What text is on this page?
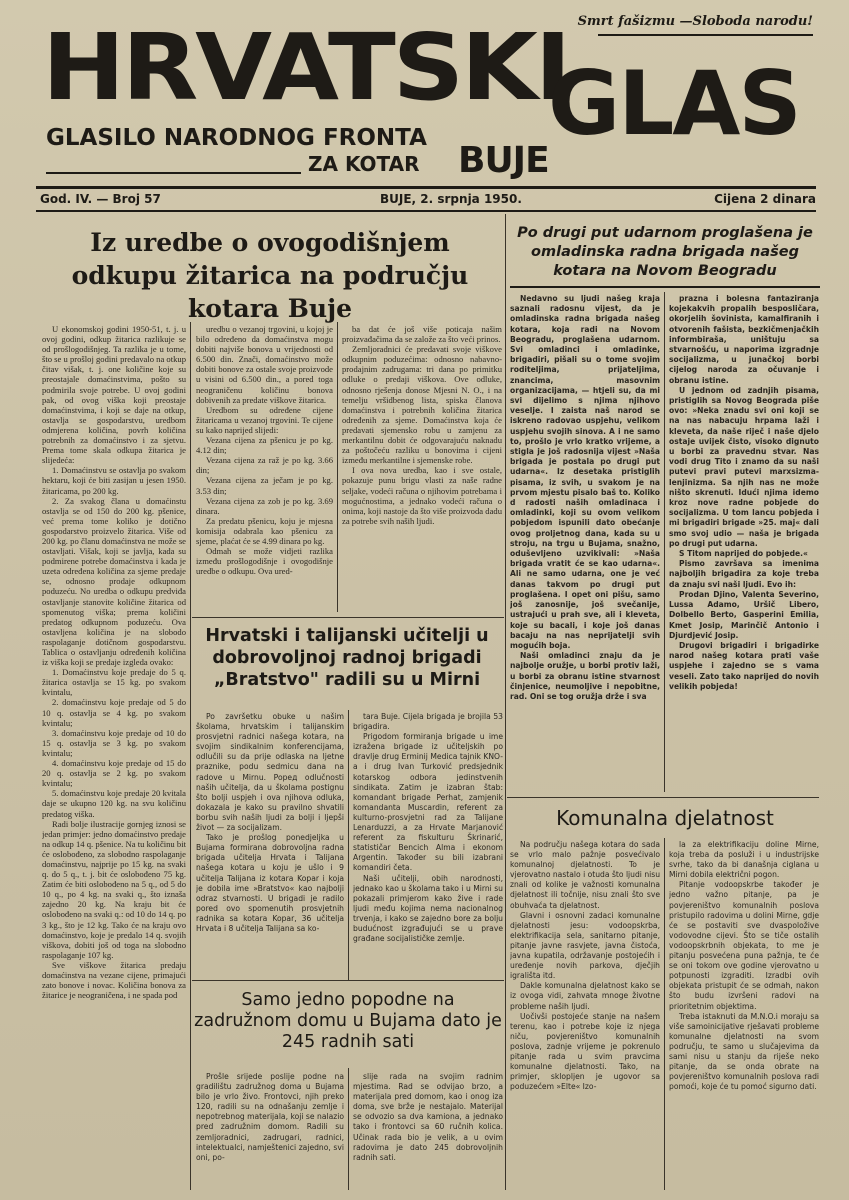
Smrt fašizmu —Sloboda narodu!
HRVATSKI
GLAS
GLASILO NARODNOG FRONTA
ZA KOTAR BUJE
God. IV. — Broj 57	BUJE, 2. srpnja 1950.	Cijena 2 dinara
Iz uredbe o ovogodišnjem odkupu žitarica na području kotara Buje

U ekonomskoj godini 1950-51, t. j. u ovoj godini, odkup žitarica razlikuje se od prošlogodišnjeg. Ta razlika je u tome, što se u prošloj godini predavalo na otkup čitav višak, t. j. one količine koje su preostajale domaćinstvima, pošto su podmirila svoje potrebe. U ovoj godini pak, od ovog viška koji preostaje domaćinstvima, i koji se daje na otkup, ostavlja se gospodarstvu, uredbom odmjerena količina, povrh količina potrebnih za domaćinstvo i za sjetvu. Prema tome skala odkupa žitarica je slijedeća:

1. Domaćinstvu se ostavlja po svakom hektaru, koji će biti zasijan u jesen 1950. žitaricama, po 200 kg.

2. Za svakog člana u domaćinstu ostavlja se od 150 do 200 kg. pšenice, već prema tome koliko je dotično gospodarstvo proizvelo žitarica. Više od 200 kg. po članu domaćinstva ne može se ostavljati. Višak, koji se javlja, kada su podmirene potrebe domaćinstva i kada je uzeta određena količina za sjeme predaje se, odnosno prodaje odkupnom poduzeću. No uredba o odkupu predviđa ostavljanje stanovite količine žitarica od spomenutog viška; prema količini predatog odkupnom poduzeću. Ova ostavljena količina je na slobodo raspolaganje dotičnom gospodarstvu. Tablica o ostavljanju određenih količina iz viška koji se predaje izgleda ovako:

1. Domaćinstvu koje predaje do 5 q. žitarica ostavlja se 15 kg. po svakom kvintalu,

2. domaćinstvu koje predaje od 5 do 10 q. ostavlja se 4 kg. po svakom kvintalu;

3. domaćinstvu koje predaje od 10 do 15 q. ostavlja se 3 kg. po svakom kvintalu;

4. domaćinstvu koje predaje od 15 do 20 q. ostavlja se 2 kg. po svakom kvintalu;

5. domaćinstvu koje predaje 20 kvitala daje se ukupno 120 kg. na svu količinu predatog viška.

Radi bolje ilustracije gornjeg iznosi se jedan primjer: jedno domaćinstvo predaje na odkup 14 q. pšenice. Na tu količinu bit će oslobođeno, za slobodno raspolaganje domaćinstvu, najprije po 15 kg. na svaki q. do 5 q., t. j. bit će oslobođeno 75 kg. Zatim će biti oslobođeno na 5 q., od 5 do 10 q., po 4 kg. na svaki q., što iznaša zajedno 20 kg. Na kraju bit će oslobođeno na svaki q.: od 10 do 14 q. po 3 kg., što je 12 kg. Tako će na kraju ovo domaćinstvo, koje je predalo 14 q. svojih viškova, dobiti još od toga na slobodno raspolaganje 107 kg.

Sve viškove žitarica predaju domaćinstva na vezane cijene, primajući zato bonove i novac. Količina bonova za žitarice je neograničena, i ne spada pod

uredbu o vezanoj trgovini, u kojoj je bilo određeno da domaćinstva mogu dobiti najviše bonova u vrijednosti od 6.500 din. Znači, domaćinstvo može dobiti bonove za ostale svoje proizvode u visini od 6.500 din., a pored toga neograničenu količinu bonova dobivenih za predate viškove žitarica.

Uredbom su određene cijene žitaricama u vezanoj trgovini. Te cijene su kako naprijed slijedi:

Vezana cijena za pšenicu je po kg. 4.12 din;

Vezana cijena za raž je po kg. 3.66 din;

Vezana cijena za ječam je po kg. 3.53 din;

Vezana cijena za zob je po kg. 3.69 dinara.

Za predatu pšenicu, koju je mjesna komisija odabrala kao pšenicu za sjeme, plaćat će se 4.99 dinara po kg.

Odmah se može vidjeti razlika između prošlogodišnje i ovogodišnje uredbe o odkupu. Ova ured-

ba dat će još više poticaja našim proizvađačima da se založe za što veći prinos.

Zemljoradnici će predavati svoje viškove odkupnim poduzećima: odnosno nabavno-prodajnim zadrugama: tri dana po primitku odluke o predaji viškova. Ove odluke, odnosno rješenja donose Mjesni N. O., i na temelju vršidbenog lista, spiska članova domaćinstva i potrebnih količina žitarica određenih za sjeme. Domaćinstva koja će predavati sjemensko robu u zamjenu za merkantilnu dobit će odgovarajuću naknadu za poštočeću razliku u bonovima i cijeni između merkantilne i sjemenske robe.

I ova nova uredba, kao i sve ostale, pokazuje punu brigu vlasti za naše radne seljake, vodeći računa o njihovim potrebama i mogućnostima, a jednako vodeći računa o onima, koji nastoje da što više proizvoda dadu za potrebe svih naših ljudi.

Po drugi put udarnom proglašena je omladinska radna brigada našeg kotara na Novom Beogradu

Nedavno su ljudi našeg kraja saznali radosnu vijest, da je omladinska radna brigada našeg kotara, koja radi na Novom Beogradu, proglašena udarnom. Svi omladinci i omladinke, brigadiri, pišali su o tome svojim roditeljima, prijateljima, znancima, masovnim organizacijama, — htjeli su, da mi svi dijelimo s njima njihovo veselje. I zaista naš narod se iskreno radovao uspjehu, velikom uspjehu svojih sinova. A i ne samo to, prošlo je vrlo kratko vrijeme, a stigla je još radosnija vijest »Naša brigada je postala po drugi put udarna«. Iz desetaka pristiglih pisama, iz svih, u svakom je na prvom mjestu pisalo baš to. Koliko d radosti naših omladinaca i omladinki, koji su ovom velikom pobjedom ispunili dato obećanje ovog proljetnog dana, kada su u stroju, na trgu u Bujama, snažno, oduševljeno uzvikivali: »Naša brigada vratit će se kao udarna«. Ali ne samo udarna, one je već danas takvom po drugi put proglašena. I opet oni pišu, samo još zanosnije, još svečanije, ustrajući u prah sve, ali i kleveta, koje su bacali, i koje još danas bacaju na nas neprijatelji svih mogućih boja.

Naši omladinci znaju da je najbolje oružje, u borbi protiv laži, u borbi za obranu istine stvarnost činjenice, neumoljive i nepobitne, rad. Oni se tog oružja drže i sva

prazna i bolesna fantaziranja kojekakvih propalih besposličara, okorjelih šovinista, kamalfiranih i otvorenih fašista, bezkičmenjačkih informbiraša, uništuju sa stvarnošću, u naporima izgradnje socijalizma, u junačkoj borbi cijelog naroda za očuvanje i obranu istine.

U jednom od zadnjih pisama, pristiglih sa Novog Beograda piše ovo: »Neka znadu svi oni koji se na nas nabacuju hrpama laži i klevetа, da naše riječ i naše djelo ostaje uvijek čisto, visoko dignuto u borbi za pravednu stvar. Nas vodi drug Tito i znamo da su naši putevi pravi putevi marxsizma-lenjinizma. Sa njih nas ne može ništo skrenuti. Idući njima idemo kroz nove radne pobjede do socijalizma. U tom lancu pobjeda i mi brigadiri brigade »25. maj« dali smo svoj udio — naša je brigada po drugi put udarna.

S Titom naprijed do pobjede.«

Pismo završava sa imenima najboljih brigadira za koje treba da znaju svi naši ljudi. Evo ih:

Prodan Djino, Valenta Severino, Lussa Adamo, Uršič Libero, Dolbello Berto, Gasperini Emilia, Kmet Josip, Marinčič Antonio i Djurdjević Josip.

Drugovi brigadiri i brigadirke narod našeg kotara prati vaše uspjehe i zajedno se s vama veseli. Zato tako naprijed do novih velikih pobjeda!

Hrvatski i talijanski učitelji u dobrovoljnoj radnoj brigadi „Bratstvo" radili su u Mirni

Po završetku obuke u našim školama, hrvatskim i talijanskim prosvjetni radnici našega kotara, na svojim sindikalnim konferencijama, odlučili su da prije odlaska na ljetne praznike, podu sedmicu dana na radove u Mirnu. Poред odlučnosti naših učitelja, da u školama postignu što bolji uspjeh i ova njihova odluka, dokazala je kako su pravilno shvatili borbu svih naših ljudi za bolji i ljepši život — za socijalizam.

Tako je prošlog ponedjeljka u Bujama formirana dobrovoljna radna brigada učitelja Hrvata i Talijana našega kotara u koju je ušlo i 9 učitelja Talijana iz kotara Kopar i koja je dobila ime »Bratstvo« kao najbolji odraz stvarnosti. U brigadi je radilo pored ovo spomenutih prosvjetnih radnika sa kotara Kopar, 36 učitelja Hrvata i 8 učitelja Talijana sa ko-

tara Buje. Cijela brigada je brojila 53 brigadira.

Prigodom formiranja brigade u ime izražena brigade iz učiteljskih po dravlje drug Erminij Medica tajnik KNO-a i drug Ivan Turković predsjednik kotarskog odbora jedinstvenih sindikata. Zatim je izabran štab: komandant brigade Perhat, zamjenik komandanta Muscardin, referent za kulturno-prosvjetni rad za Talijane Lenarduzzi, a za Hrvate Marjanović referent za fiskulturu Škrinarić, statističar Bencich Alma i ekonom Argentin. Također su bili izabrani komandiri četa.

Naši učitelji, obih narodnosti, jednako kao u školama tako i u Mirni su pokazali primjerom kako žive i rade ljudi među kojima nema nacionalnog trvenja, i kako se zajedno bore za bolju budućnost izgrađujući se u prave građane socijalističke zemlje.

Samo jedno popodne na zadružnom domu u Bujama dato je 245 radnih sati

Prošle srijede poslije podne na gradilištu zadružnog doma u Bujama bilo je vrlo živo. Frontovci, njih preko 120, radili su na odnašanju zemlje i nepotrebnog materijala, koji se nalazio pred zadružnim domom. Radili su zemljoradnici, zadrugari, radnici, intelektualci, namještenici zajedno, svi onі, po-

slije rada na svojim radnim mjestima. Rad se odvijao brzo, a materijala pred domom, kao i onog iza doma, sve brže je nestajalo. Materijal se odvozio sa dva kamiona, a jednako tako i frontovci sa 60 ručnih kolica. Učinak rada bio je velik, a u ovim radovima je dato 245 dobrovoljnih radnih sati.

Komunalna djelatnost

Na području našega kotara do sada se vrlo malo pažnje posvećivalo komunalnoj djelatnosti. To je vjerovatno nastalo i otuda što ljudi nisu znali od kolike je važnosti komunalna djelatnost ili točnije, nisu znali što sve obuhvaća ta djelatnost.

Glavni i osnovni zadaci komunalne djelatnosti jesu: vodoopskrba, elektrifikacija sela, sanitarno pitanje, pitanje javne rasvjete, javna čistoća, javna kupatila, održavanje postojećih i uređenje novih parkova, dječjih igrališta itd.

Dakle komunalna djelatnost kako se iz ovoga vidi, zahvata mnoge životne probleme naših ljudi.

Uočivši postojeće stanje na našem terenu, kao i potrebe koje iz njega niču, povjereništvo komunalnih poslova, zadnje vrijeme je pokrenulo pitanje rada u svim pravcima komunalne djelatnosti. Tako, na primjer, sklopljen je ugovor sa poduzećem »Elte« Izo-

la za elektrifikaciju doline Mirne, koja treba da posluži i u industrijske svrhe, tako da bi današnja ciglana u Mirni dobila električni pogon.

Pitanje vodoopskrbe također je jedno važno pitanje, pa je povjereništvo komunalnih poslova pristupilo radovima u dolini Mirne, gdje će se postaviti sve dvaspoloživе vodovodne cijevi. Što se tiče ostalih vodoopskrbnih objekata, to me je pitanju posvećena puna pažnja, te će se oni tokom ove godine vjerovatno u potpunosti izgraditi. Izradbi ovih objekata pristupit će se odmah, nakon što budu izvršeni radovi na prioritetnim objektima.

Treba istaknuti da M.N.O.i moraju sa više samoinicijative rješavati probleme komunalne djelatnosti na svom području, te samo u slučajevima da sami nisu u stanju da riješe neko pitanje, da se onda obrate na povjereništvo komunalnih poslova radi pomoći, koje će tu pomoć sigurno dati.
